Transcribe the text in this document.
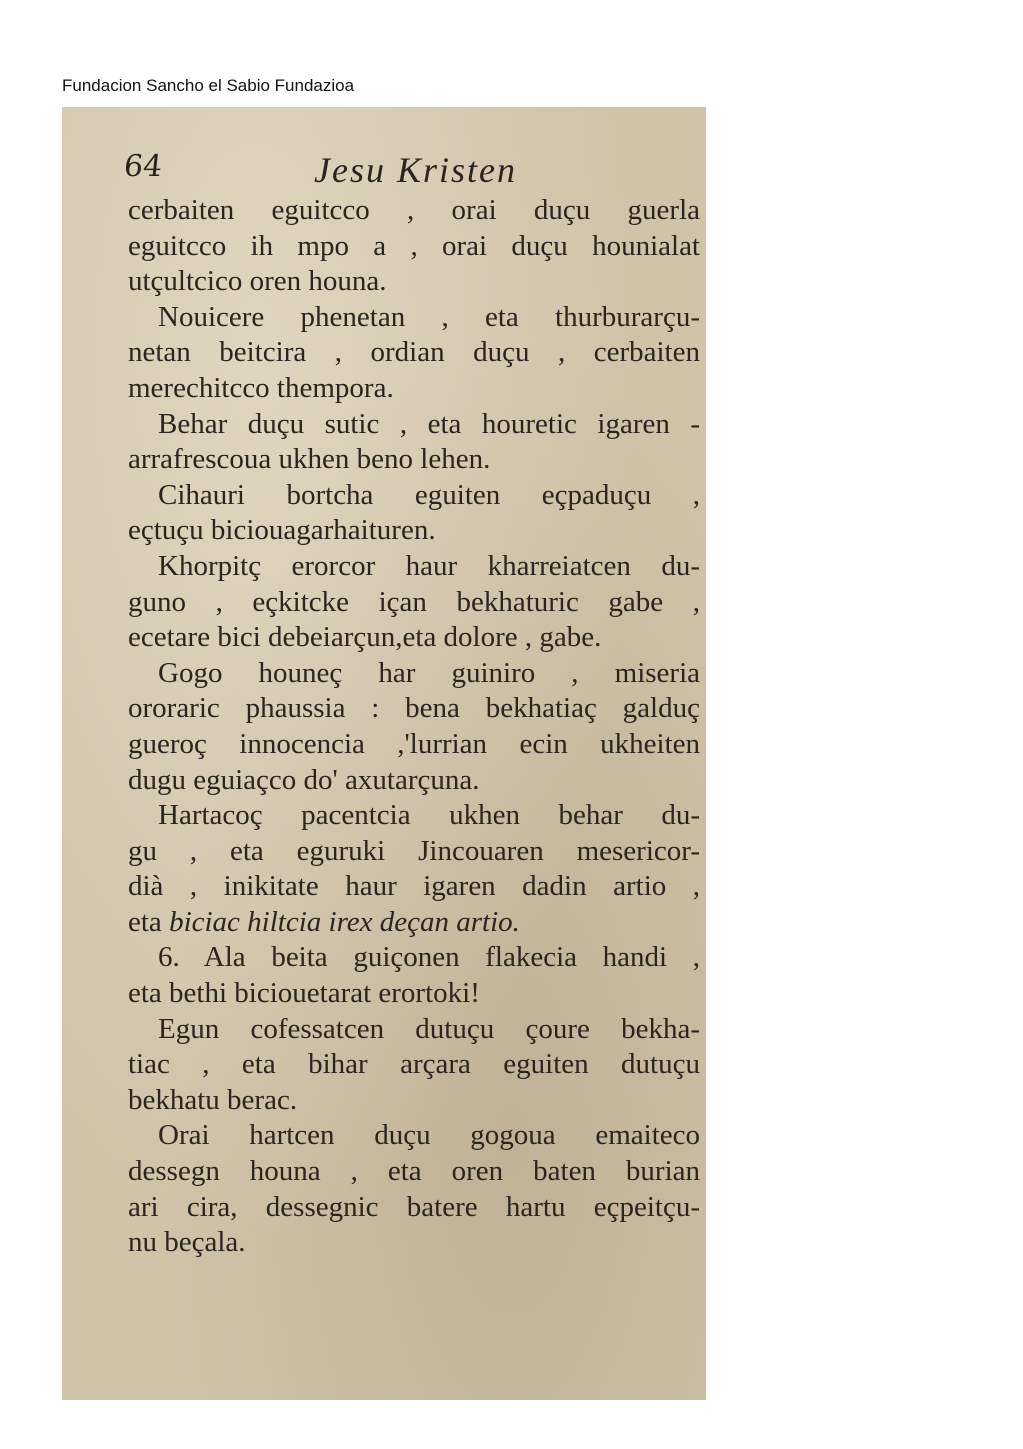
Fundacion Sancho el Sabio Fundazioa
64	Jesu Kristen
cerbaiten eguitcco , orai duçu guerla
eguitcco ih mpo a , orai duçu hounialat
utçultcico oren houna.
Nouicere phenetan , eta thurburarçu-
netan beitcira , ordian duçu , cerbaiten
merechitcco thempora.
Behar duçu sutic , eta houretic igaren -
arrafrescoua ukhen beno lehen.
Cihauri bortcha eguiten eçpaduçu ,
eçtuçu biciouagarhaituren.
Khorpitç erorcor haur kharreiatcen du-
guno , eçkitcke içan bekhaturic gabe ,
ecetare bici debeiarçun,eta dolore , gabe.
Gogo houneç har guiniro , miseria
ororaric phaussia : bena bekhatiaç galduç
gueroç innocencia ,'lurrian ecin ukheiten
dugu eguiaçco do' axutarçuna.
Hartacoç pacentcia ukhen behar du-
gu , eta eguruki Jincouaren mesericor-
dià , inikitate haur igaren dadin artio ,
eta biciac hiltcia irex deçan artio.
6. Ala beita guiçonen flakecia handi ,
eta bethi biciouetarat erortoki!
Egun cofessatcen dutuçu çoure bekha-
tiac , eta bihar arçara eguiten dutuçu
bekhatu berac.
Orai hartcen duçu gogoua emaiteco
dessegn houna , eta oren baten burian
ari cira, dessegnic batere hartu eçpeitçu-
nu beçala.
